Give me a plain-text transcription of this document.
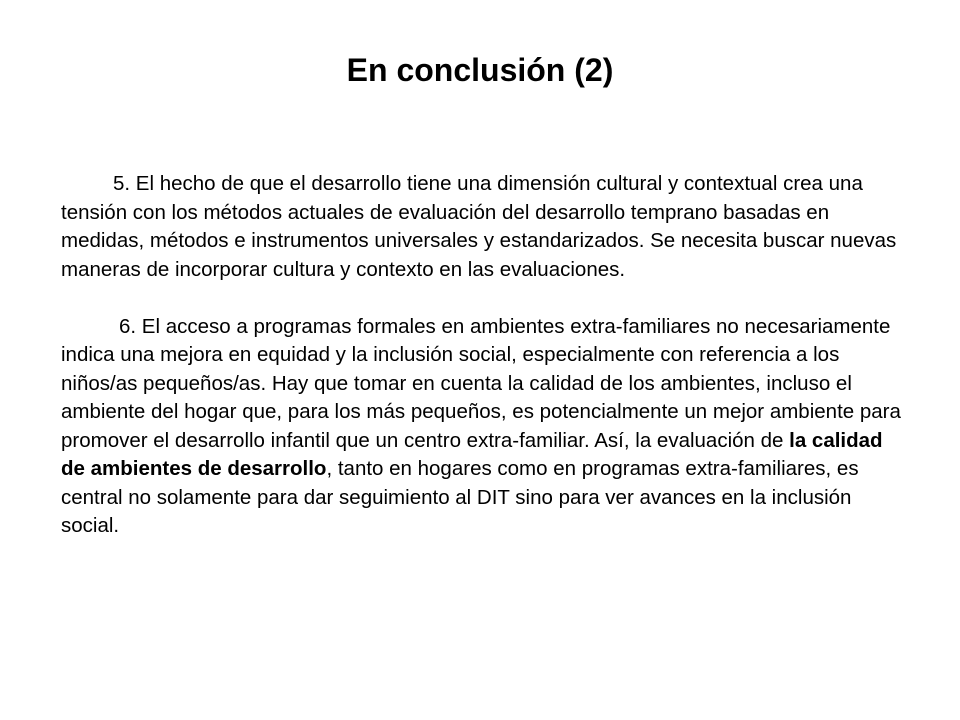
En conclusión (2)

5. El hecho de que el desarrollo tiene una dimensión cultural y contextual crea una tensión con los métodos actuales de evaluación del desarrollo temprano basadas en medidas, métodos e instrumentos universales y estandarizados. Se necesita buscar nuevas maneras de incorporar cultura y contexto en las evaluaciones.

6. El acceso a programas formales en ambientes extra-familiares no necesariamente indica una mejora en equidad y la inclusión social, especialmente con referencia a los niños/as pequeños/as. Hay que tomar en cuenta la calidad de los ambientes, incluso el ambiente del hogar que, para los más pequeños, es potencialmente un mejor ambiente para promover el desarrollo infantil que un centro extra-familiar. Así, la evaluación de la calidad de ambientes de desarrollo, tanto en hogares como en programas extra-familiares, es central no solamente para dar seguimiento al DIT sino para ver avances en la inclusión social.
